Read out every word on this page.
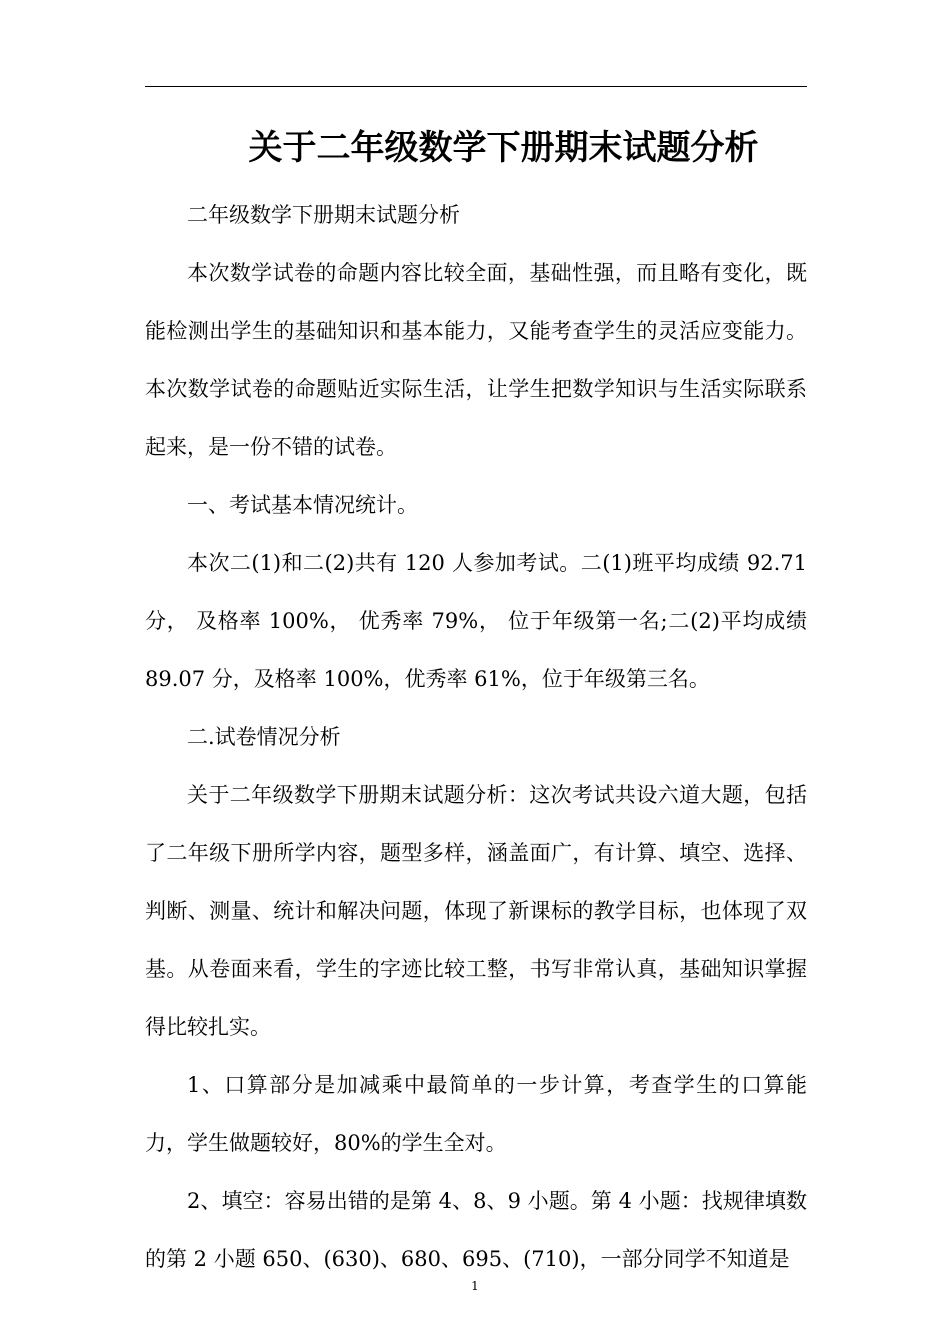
关于二年级数学下册期末试题分析

二年级数学下册期末试题分析

本次数学试卷的命题内容比较全面，基础性强，而且略有变化，既能检测出学生的基础知识和基本能力，又能考查学生的灵活应变能力。本次数学试卷的命题贴近实际生活，让学生把数学知识与生活实际联系起来，是一份不错的试卷。

一、考试基本情况统计。

本次二(1)和二(2)共有 120 人参加考试。二(1)班平均成绩 92.71 分， 及格率 100%， 优秀率 79%， 位于年级第一名;二(2)平均成绩 89.07 分，及格率 100%，优秀率 61%，位于年级第三名。

二.试卷情况分析

关于二年级数学下册期末试题分析：这次考试共设六道大题，包括了二年级下册所学内容，题型多样，涵盖面广，有计算、填空、选择、判断、测量、统计和解决问题，体现了新课标的教学目标，也体现了双基。从卷面来看，学生的字迹比较工整，书写非常认真，基础知识掌握得比较扎实。

1、口算部分是加减乘中最简单的一步计算，考查学生的口算能力，学生做题较好，80%的学生全对。

2、填空：容易出错的是第 4、8、9 小题。第 4 小题：找规律填数的第 2 小题 650、(630)、680、695、(710)，一部分同学不知道是

1
